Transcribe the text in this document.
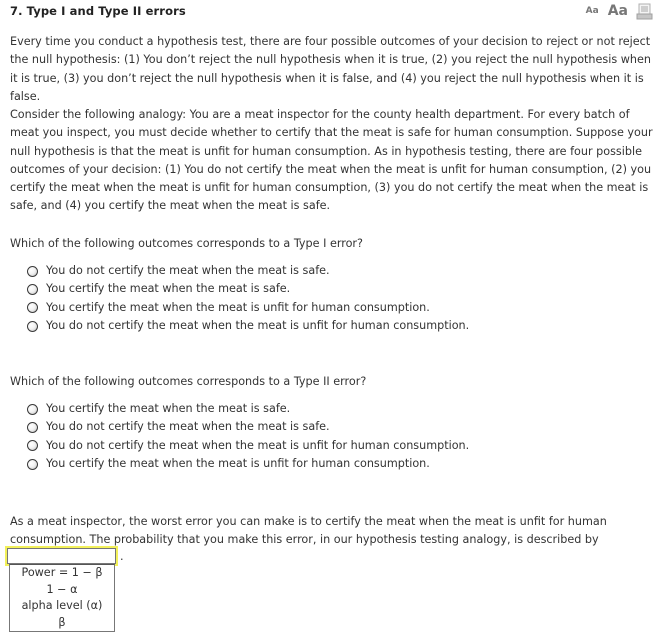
7. Type I and Type II errors	Aa Aa

Every time you conduct a hypothesis test, there are four possible outcomes of your decision to reject or not reject the null hypothesis: (1) You don’t reject the null hypothesis when it is true, (2) you reject the null hypothesis when it is true, (3) you don’t reject the null hypothesis when it is false, and (4) you reject the null hypothesis when it is false.

Consider the following analogy: You are a meat inspector for the county health department. For every batch of meat you inspect, you must decide whether to certify that the meat is safe for human consumption. Suppose your null hypothesis is that the meat is unfit for human consumption. As in hypothesis testing, there are four possible outcomes of your decision: (1) You do not certify the meat when the meat is unfit for human consumption, (2) you certify the meat when the meat is unfit for human consumption, (3) you do not certify the meat when the meat is safe, and (4) you certify the meat when the meat is safe.

Which of the following outcomes corresponds to a Type I error?

You do not certify the meat when the meat is safe.
You certify the meat when the meat is safe.
You certify the meat when the meat is unfit for human consumption.
You do not certify the meat when the meat is unfit for human consumption.

Which of the following outcomes corresponds to a Type II error?

You certify the meat when the meat is safe.
You do not certify the meat when the meat is safe.
You do not certify the meat when the meat is unfit for human consumption.
You certify the meat when the meat is unfit for human consumption.

As a meat inspector, the worst error you can make is to certify the meat when the meat is unfit for human consumption. The probability that you make this error, in our hypothesis testing analogy, is described by

.
Power = 1 − β
1 − α
alpha level (α)
β
